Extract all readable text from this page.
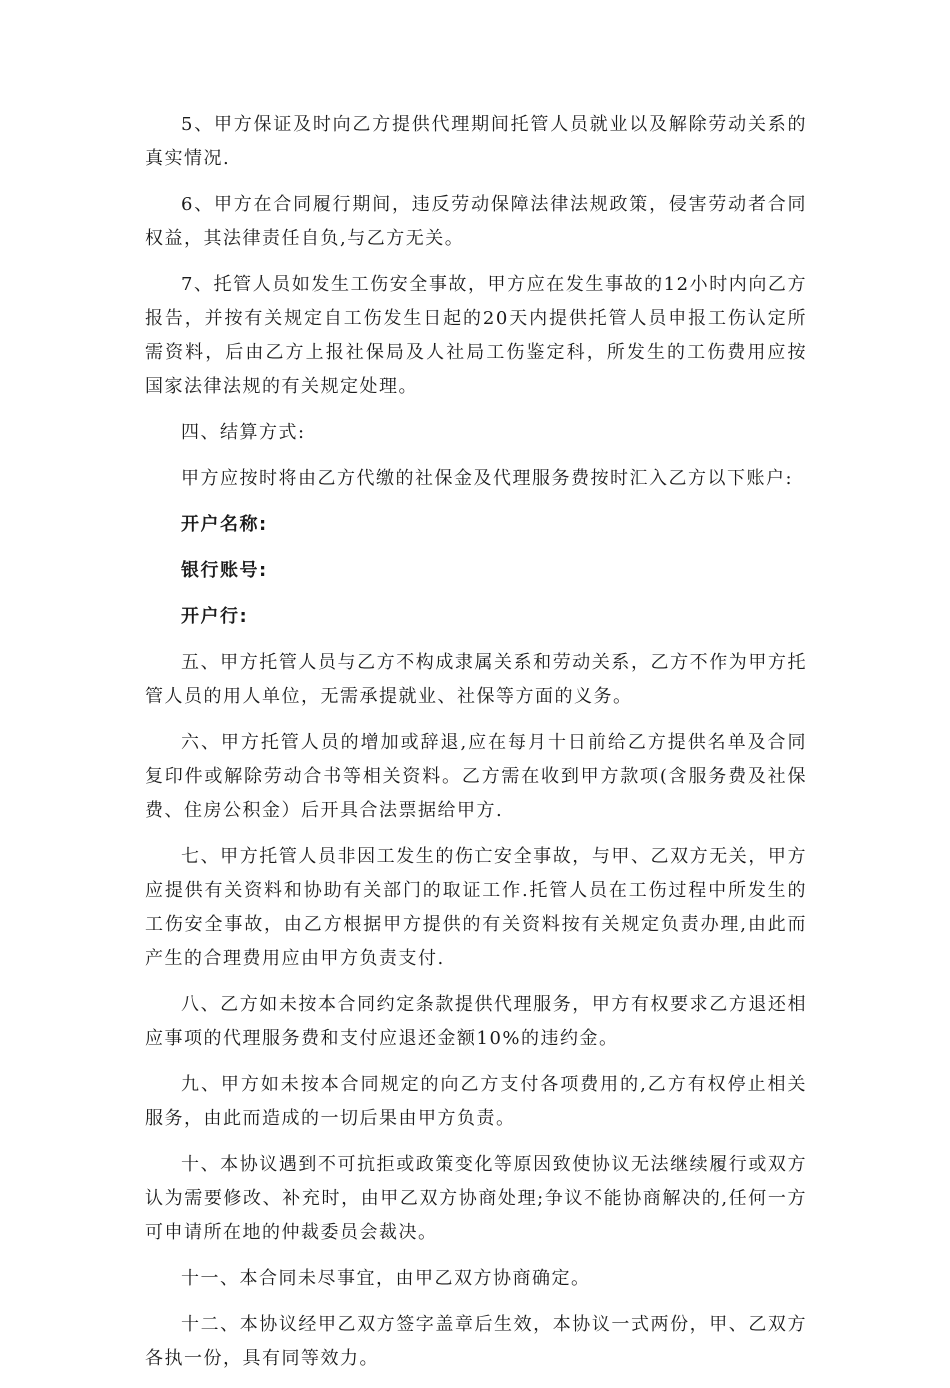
5、甲方保证及时向乙方提供代理期间托管人员就业以及解除劳动关系的真实情况.

6、甲方在合同履行期间，违反劳动保障法律法规政策，侵害劳动者合同权益，其法律责任自负,与乙方无关。

7、托管人员如发生工伤安全事故，甲方应在发生事故的12小时内向乙方报告，并按有关规定自工伤发生日起的20天内提供托管人员申报工伤认定所需资料，后由乙方上报社保局及人社局工伤鉴定科，所发生的工伤费用应按国家法律法规的有关规定处理。

四、结算方式:

甲方应按时将由乙方代缴的社保金及代理服务费按时汇入乙方以下账户:

开户名称:

银行账号:

开户行:

五、甲方托管人员与乙方不构成隶属关系和劳动关系，乙方不作为甲方托管人员的用人单位，无需承提就业、社保等方面的义务。

六、甲方托管人员的增加或辞退,应在每月十日前给乙方提供名单及合同复印件或解除劳动合书等相关资料。乙方需在收到甲方款项(含服务费及社保费、住房公积金）后开具合法票据给甲方.

七、甲方托管人员非因工发生的伤亡安全事故，与甲、乙双方无关，甲方应提供有关资料和协助有关部门的取证工作.托管人员在工伤过程中所发生的工伤安全事故，由乙方根据甲方提供的有关资料按有关规定负责办理,由此而产生的合理费用应由甲方负责支付.

八、乙方如未按本合同约定条款提供代理服务，甲方有权要求乙方退还相应事项的代理服务费和支付应退还金额10%的违约金。

九、甲方如未按本合同规定的向乙方支付各项费用的,乙方有权停止相关服务，由此而造成的一切后果由甲方负责。

十、本协议遇到不可抗拒或政策变化等原因致使协议无法继续履行或双方认为需要修改、补充时，由甲乙双方协商处理;争议不能协商解决的,任何一方可申请所在地的仲裁委员会裁决。

十一、本合同未尽事宜，由甲乙双方协商确定。

十二、本协议经甲乙双方签字盖章后生效，本协议一式两份，甲、乙双方各执一份，具有同等效力。
